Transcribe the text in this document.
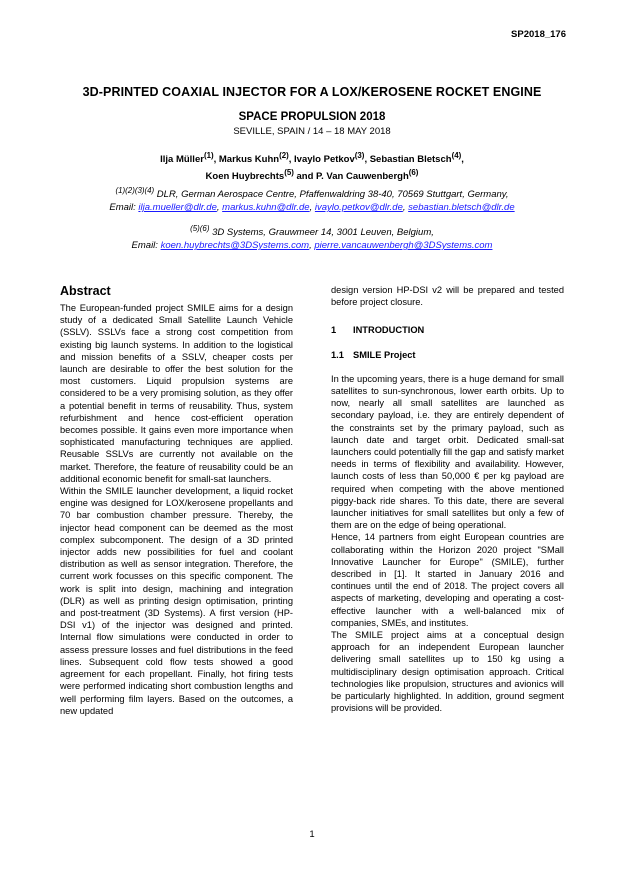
SP2018_176
3D-PRINTED COAXIAL INJECTOR FOR A LOX/KEROSENE ROCKET ENGINE
SPACE PROPULSION 2018
SEVILLE, SPAIN / 14 – 18 MAY 2018
Ilja Müller$^{(1)}$, Markus Kuhn$^{(2)}$, Ivaylo Petkov$^{(3)}$, Sebastian Bletsch$^{(4)}$,
Koen Huybrechts$^{(5)}$ and P. Van Cauwenbergh$^{(6)}$
$^{(1)(2)(3)(4)}$ DLR, German Aerospace Centre, Pfaffenwaldring 38-40, 70569 Stuttgart, Germany,
Email: ilja.mueller@dlr.de, markus.kuhn@dlr.de, ivaylo.petkov@dlr.de, sebastian.bletsch@dlr.de
$^{(5)(6)}$ 3D Systems, Grauwmeer 14, 3001 Leuven, Belgium,
Email: koen.huybrechts@3DSystems.com, pierre.vancauwenbergh@3DSystems.com
Abstract

The European-funded project SMILE aims for a design study of a dedicated Small Satellite Launch Vehicle (SSLV). SSLVs face a strong cost competition from existing big launch systems. In addition to the logistical and mission benefits of a SSLV, cheaper costs per launch are desirable to offer the best solution for the most customers. Liquid propulsion systems are considered to be a very promising solution, as they offer a potential benefit in terms of reusability. Thus, system refurbishment and hence cost-efficient operation becomes possible. It gains even more importance when sophisticated manufacturing techniques are applied. Reusable SSLVs are currently not available on the market. Therefore, the feature of reusability could be an additional economic benefit for small-sat launchers.

Within the SMILE launcher development, a liquid rocket engine was designed for LOX/kerosene propellants and 70 bar combustion chamber pressure. Thereby, the injector head component can be deemed as the most complex subcomponent. The design of a 3D printed injector adds new possibilities for fuel and coolant distribution as well as sensor integration. Therefore, the current work focusses on this specific component. The work is split into design, machining and integration (DLR) as well as printing design optimisation, printing and post-treatment (3D Systems). A first version (HP-DSI v1) of the injector was designed and printed. Internal flow simulations were conducted in order to assess pressure losses and fuel distributions in the feed lines. Subsequent cold flow tests showed a good agreement for each propellant. Finally, hot firing tests were performed indicating short combustion lengths and well performing film layers. Based on the outcomes, a new updated

design version HP-DSI v2 will be prepared and tested before project closure.

1 INTRODUCTION
1.1 SMILE Project

In the upcoming years, there is a huge demand for small satellites to sun-synchronous, lower earth orbits. Up to now, nearly all small satellites are launched as secondary payload, i.e. they are entirely dependent of the constraints set by the primary payload, such as launch date and target orbit. Dedicated small-sat launchers could potentially fill the gap and satisfy market needs in terms of flexibility and availability. However, launch costs of less than 50,000 € per kg payload are required when competing with the above mentioned piggy-back ride shares. To this date, there are several launcher initiatives for small satellites but only a few of them are on the edge of being operational.

Hence, 14 partners from eight European countries are collaborating within the Horizon 2020 project "SMall Innovative Launcher for Europe" (SMILE), further described in [1]. It started in January 2016 and continues until the end of 2018. The project covers all aspects of marketing, developing and operating a cost-effective launcher with a well-balanced mix of companies, SMEs, and institutes.

The SMILE project aims at a conceptual design approach for an independent European launcher delivering small satellites up to 150 kg using a multidisciplinary design optimisation approach. Critical technologies like propulsion, structures and avionics will be particularly highlighted. In addition, ground segment provisions will be provided.

1
